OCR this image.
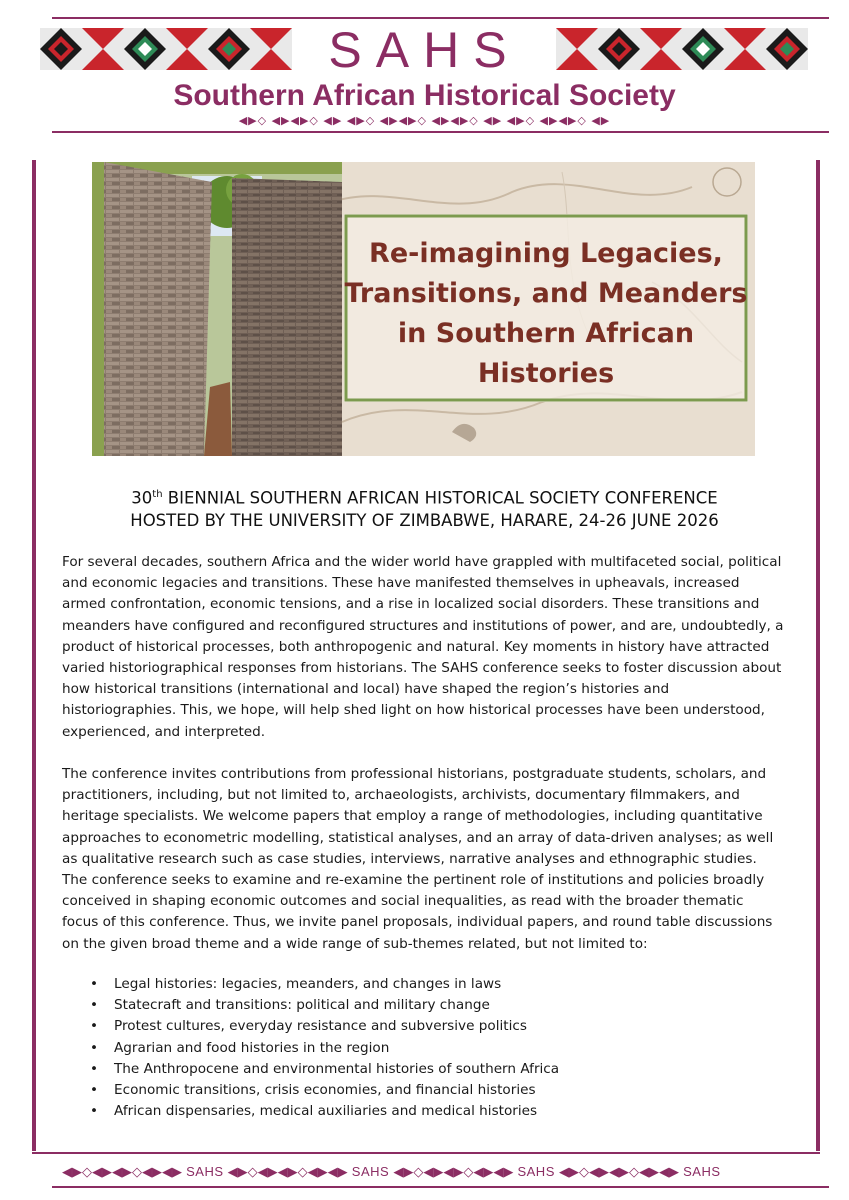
SAHS
Southern African Historical Society
◀▶◇ ◀▶◀▶◇ ◀▶ ◀▶◇ ◀▶◀▶◇ ◀▶◀▶◇ ◀▶ ◀▶◇ ◀▶◀▶◇ ◀▶
Re-imagining Legacies,
Transitions, and Meanders
in Southern African
Histories
30th BIENNIAL SOUTHERN AFRICAN HISTORICAL SOCIETY CONFERENCE
HOSTED BY THE UNIVERSITY OF ZIMBABWE, HARARE, 24-26 JUNE 2026
For several decades, southern Africa and the wider world have grappled with multifaceted social, political and economic legacies and transitions. These have manifested themselves in upheavals, increased armed confrontation, economic tensions, and a rise in localized social disorders. These transitions and meanders have configured and reconfigured structures and institutions of power, and are, undoubtedly, a product of historical processes, both anthropogenic and natural. Key moments in history have attracted varied historiographical responses from historians. The SAHS conference seeks to foster discussion about how historical transitions (international and local) have shaped the region’s histories and historiographies. This, we hope, will help shed light on how historical processes have been understood, experienced, and interpreted.
The conference invites contributions from professional historians, postgraduate students, scholars, and practitioners, including, but not limited to, archaeologists, archivists, documentary filmmakers, and heritage specialists. We welcome papers that employ a range of methodologies, including quantitative approaches to econometric modelling, statistical analyses, and an array of data-driven analyses; as well as qualitative research such as case studies, interviews, narrative analyses and ethnographic studies. The conference seeks to examine and re-examine the pertinent role of institutions and policies broadly conceived in shaping economic outcomes and social inequalities, as read with the broader thematic focus of this conference. Thus, we invite panel proposals, individual papers, and round table discussions on the given broad theme and a wide range of sub-themes related, but not limited to:
• Legal histories: legacies, meanders, and changes in laws
• Statecraft and transitions: political and military change
• Protest cultures, everyday resistance and subversive politics
• Agrarian and food histories in the region
• The Anthropocene and environmental histories of southern Africa
• Economic transitions, crisis economies, and financial histories
• African dispensaries, medical auxiliaries and medical histories
◀▶◇◀▶◀▶◇◀▶◀▶ SAHS ◀▶◇◀▶◀▶◇◀▶◀▶ SAHS ◀▶◇◀▶◀▶◇◀▶◀▶ SAHS ◀▶◇◀▶◀▶◇◀▶◀▶ SAHS
